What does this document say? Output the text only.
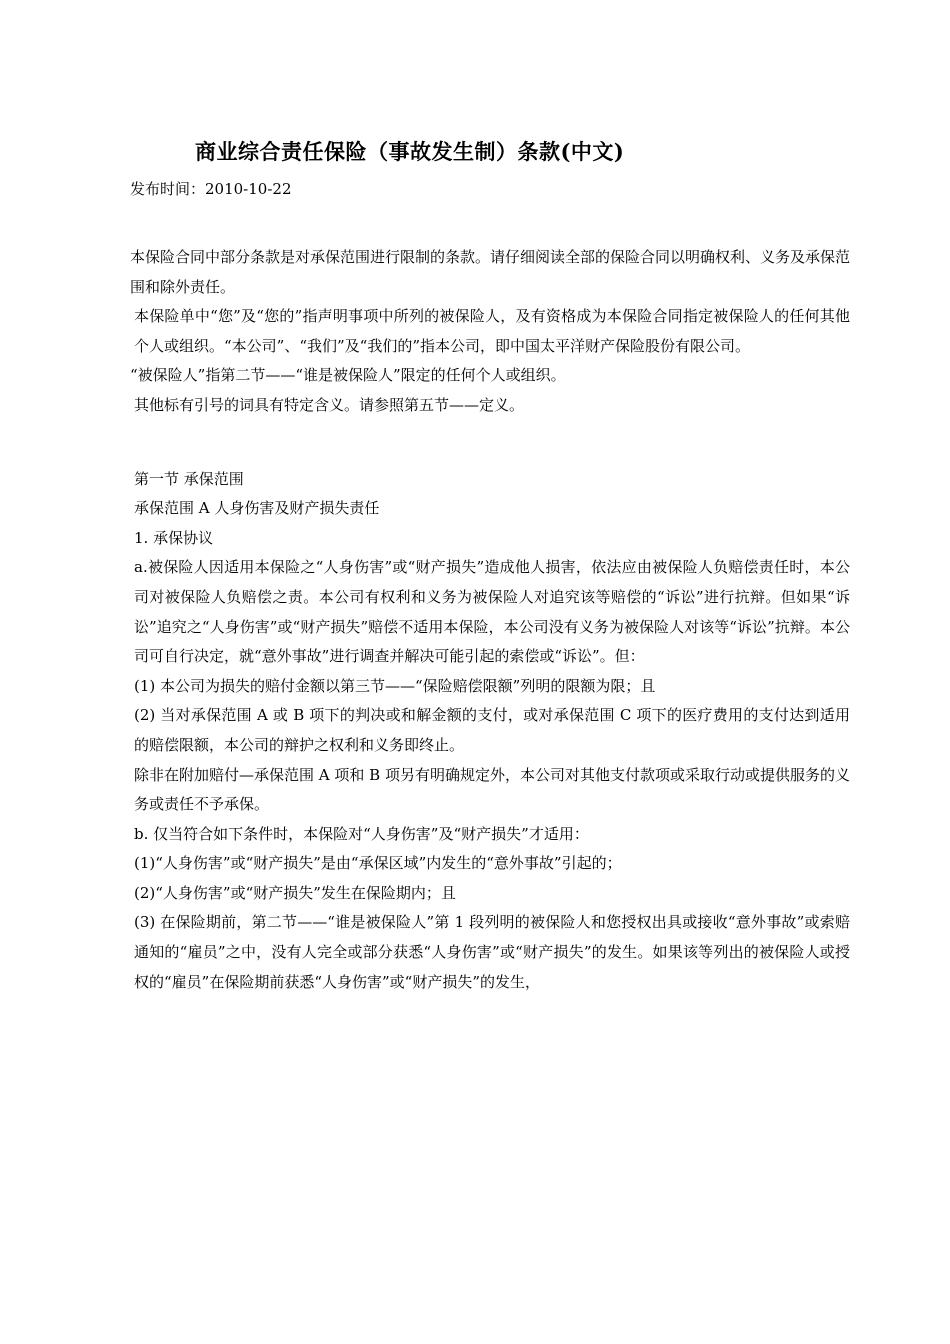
商业综合责任保险（事故发生制）条款(中文)
发布时间：2010-10-22

本保险合同中部分条款是对承保范围进行限制的条款。请仔细阅读全部的保险合同以明确权利、义务及承保范围和除外责任。

本保险单中“您”及“您的”指声明事项中所列的被保险人，及有资格成为本保险合同指定被保险人的任何其他个人或组织。“本公司”、“我们”及“我们的”指本公司，即中国太平洋财产保险股份有限公司。

“被保险人”指第二节——“谁是被保险人”限定的任何个人或组织。

其他标有引号的词具有特定含义。请参照第五节——定义。

第一节 承保范围

承保范围 A 人身伤害及财产损失责任

1. 承保协议

a.被保险人因适用本保险之“人身伤害”或“财产损失”造成他人损害，依法应由被保险人负赔偿责任时，本公司对被保险人负赔偿之责。本公司有权利和义务为被保险人对追究该等赔偿的“诉讼”进行抗辩。但如果“诉讼”追究之“人身伤害”或“财产损失”赔偿不适用本保险，本公司没有义务为被保险人对该等“诉讼”抗辩。本公司可自行决定，就“意外事故”进行调查并解决可能引起的索偿或“诉讼”。但：

(1) 本公司为损失的赔付金额以第三节——“保险赔偿限额”列明的限额为限；且

(2) 当对承保范围 A 或 B 项下的判决或和解金额的支付，或对承保范围 C 项下的医疗费用的支付达到适用的赔偿限额，本公司的辩护之权利和义务即终止。

除非在附加赔付—承保范围 A 项和 B 项另有明确规定外，本公司对其他支付款项或采取行动或提供服务的义务或责任不予承保。

b. 仅当符合如下条件时，本保险对“人身伤害”及“财产损失”才适用：

(1)“人身伤害”或“财产损失”是由“承保区域”内发生的“意外事故”引起的；

(2)“人身伤害”或“财产损失”发生在保险期内；且

(3) 在保险期前，第二节——“谁是被保险人”第 1 段列明的被保险人和您授权出具或接收“意外事故”或索赔通知的“雇员”之中，没有人完全或部分获悉“人身伤害”或“财产损失”的发生。如果该等列出的被保险人或授权的“雇员”在保险期前获悉“人身伤害”或“财产损失”的发生，
